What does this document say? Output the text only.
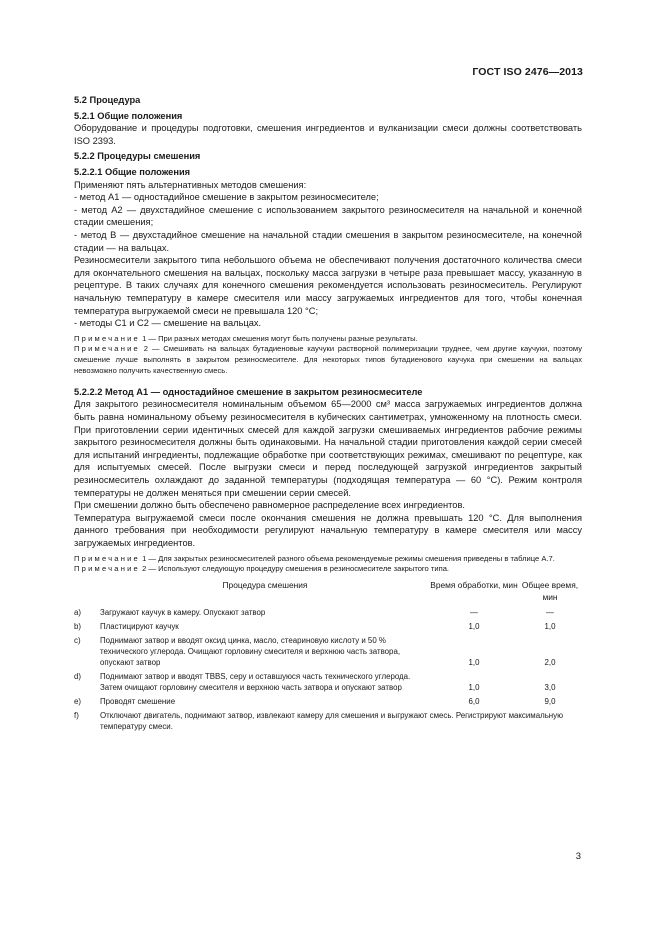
ГОСТ ISO 2476—2013
5.2 Процедура
5.2.1 Общие положения
Оборудование и процедуры подготовки, смешения ингредиентов и вулканизации смеси должны соответствовать ISO 2393.
5.2.2 Процедуры смешения
5.2.2.1 Общие положения
Применяют пять альтернативных методов смешения:
- метод А1 — одностадийное смешение в закрытом резиносмесителе;
- метод А2 — двухстадийное смешение с использованием закрытого резиносмесителя на начальной и конечной стадии смешения;
- метод В — двухстадийное смешение на начальной стадии смешения в закрытом резиносмесителе, на конечной стадии — на вальцах.
Резиносмесители закрытого типа небольшого объема не обеспечивают получения достаточного количества смеси для окончательного смешения на вальцах, поскольку масса загрузки в четыре раза превышает массу, указанную в рецептуре. В таких случаях для конечного смешения рекомендуется использовать резиносмеситель. Регулируют начальную температуру в камере смесителя или массу загружаемых ингредиентов для того, чтобы конечная температура выгружаемой смеси не превышала 120 °С;
- методы С1 и С2 — смешение на вальцах.
Примечание 1 — При разных методах смешения могут быть получены разные результаты.
Примечание 2 — Смешивать на вальцах бутадиеновые каучуки растворной полимеризации труднее, чем другие каучуки, поэтому смешение лучше выполнять в закрытом резиносмесителе. Для некоторых типов бутадиенового каучука при смешении на вальцах невозможно получить качественную смесь.
5.2.2.2 Метод А1 — одностадийное смешение в закрытом резиносмесителе
Для закрытого резиносмесителя номинальным объемом 65—2000 см³ масса загружаемых ингредиентов должна быть равна номинальному объему резиносмесителя в кубических сантиметрах, умноженному на плотность смеси. При приготовлении серии идентичных смесей для каждой загрузки смешиваемых ингредиентов рабочие режимы закрытого резиносмесителя должны быть одинаковыми. На начальной стадии приготовления каждой серии смесей для испытаний ингредиенты, подлежащие обработке при соответствующих режимах, смешивают по рецептуре, как для испытуемых смесей. После выгрузки смеси и перед последующей загрузкой ингредиентов закрытый резиносмеситель охлаждают до заданной температуры (подходящая температура — 60 °С). Режим контроля температуры не должен меняться при смешении серии смесей.
При смешении должно быть обеспечено равномерное распределение всех ингредиентов.
Температура выгружаемой смеси после окончания смешения не должна превышать 120 °С. Для выполнения данного требования при необходимости регулируют начальную температуру в камере смесителя или массу загружаемых ингредиентов.
Примечание 1 — Для закрытых резиносмесителей разного объема рекомендуемые режимы смешения приведены в таблице А.7.
Примечание 2 — Используют следующую процедуру смешения в резиносмесителе закрытого типа.
	Процедура смешения	Время обработки, мин	Общее время, мин

а)	Загружают каучук в камеру. Опускают затвор	—	—

b)	Пластицируют каучук	1,0	1,0

с)	Поднимают затвор и вводят оксид цинка, масло, стеариновую кислоту и 50 % технического углерода. Очищают горловину смесителя и верхнюю часть затвора, опускают затвор	1,0	2,0

d)	Поднимают затвор и вводят TBBS, серу и оставшуюся часть технического углерода. Затем очищают горловину смесителя и верхнюю часть затвора и опускают затвор	1,0	3,0

е)	Проводят смешение	6,0	9,0

f)	Отключают двигатель, поднимают затвор, извлекают камеру для смешения и выгружают смесь. Регистрируют максимальную температуру смеси.		
3
